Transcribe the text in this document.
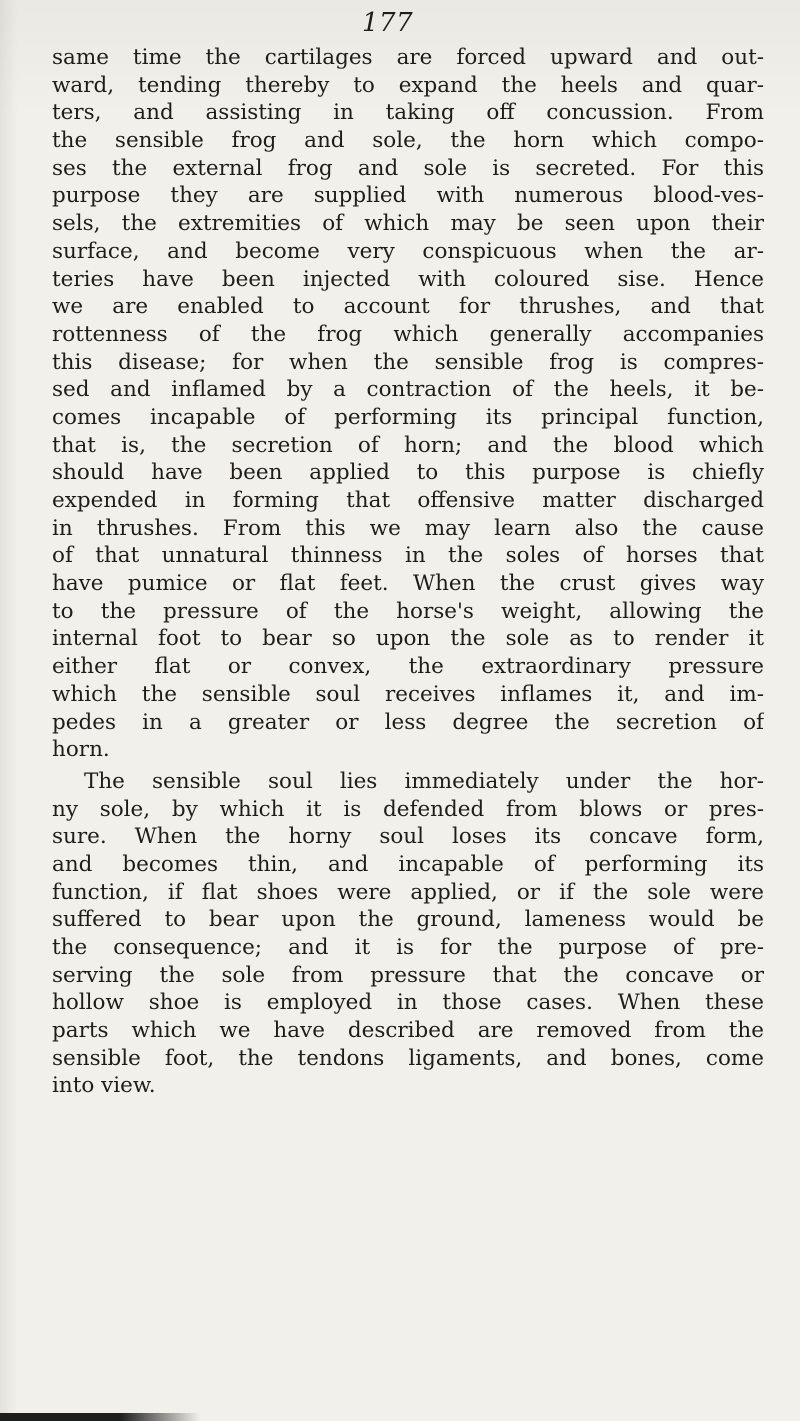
177
same time the cartilages are forced upward and out-
ward, tending thereby to expand the heels and quar-
ters, and assisting in taking off concussion. From
the sensible frog and sole, the horn which compo-
ses the external frog and sole is secreted. For this
purpose they are supplied with numerous blood-ves-
sels, the extremities of which may be seen upon their
surface, and become very conspicuous when the ar-
teries have been injected with coloured sise. Hence
we are enabled to account for thrushes, and that
rottenness of the frog which generally accompanies
this disease; for when the sensible frog is compres-
sed and inflamed by a contraction of the heels, it be-
comes incapable of performing its principal function,
that is, the secretion of horn; and the blood which
should have been applied to this purpose is chiefly
expended in forming that offensive matter discharged
in thrushes. From this we may learn also the cause
of that unnatural thinness in the soles of horses that
have pumice or flat feet. When the crust gives way
to the pressure of the horse's weight, allowing the
internal foot to bear so upon the sole as to render it
either flat or convex, the extraordinary pressure
which the sensible soul receives inflames it, and im-
pedes in a greater or less degree the secretion of
horn.
The sensible soul lies immediately under the hor-
ny sole, by which it is defended from blows or pres-
sure. When the horny soul loses its concave form,
and becomes thin, and incapable of performing its
function, if flat shoes were applied, or if the sole were
suffered to bear upon the ground, lameness would be
the consequence; and it is for the purpose of pre-
serving the sole from pressure that the concave or
hollow shoe is employed in those cases. When these
parts which we have described are removed from the
sensible foot, the tendons ligaments, and bones, come
into view.
